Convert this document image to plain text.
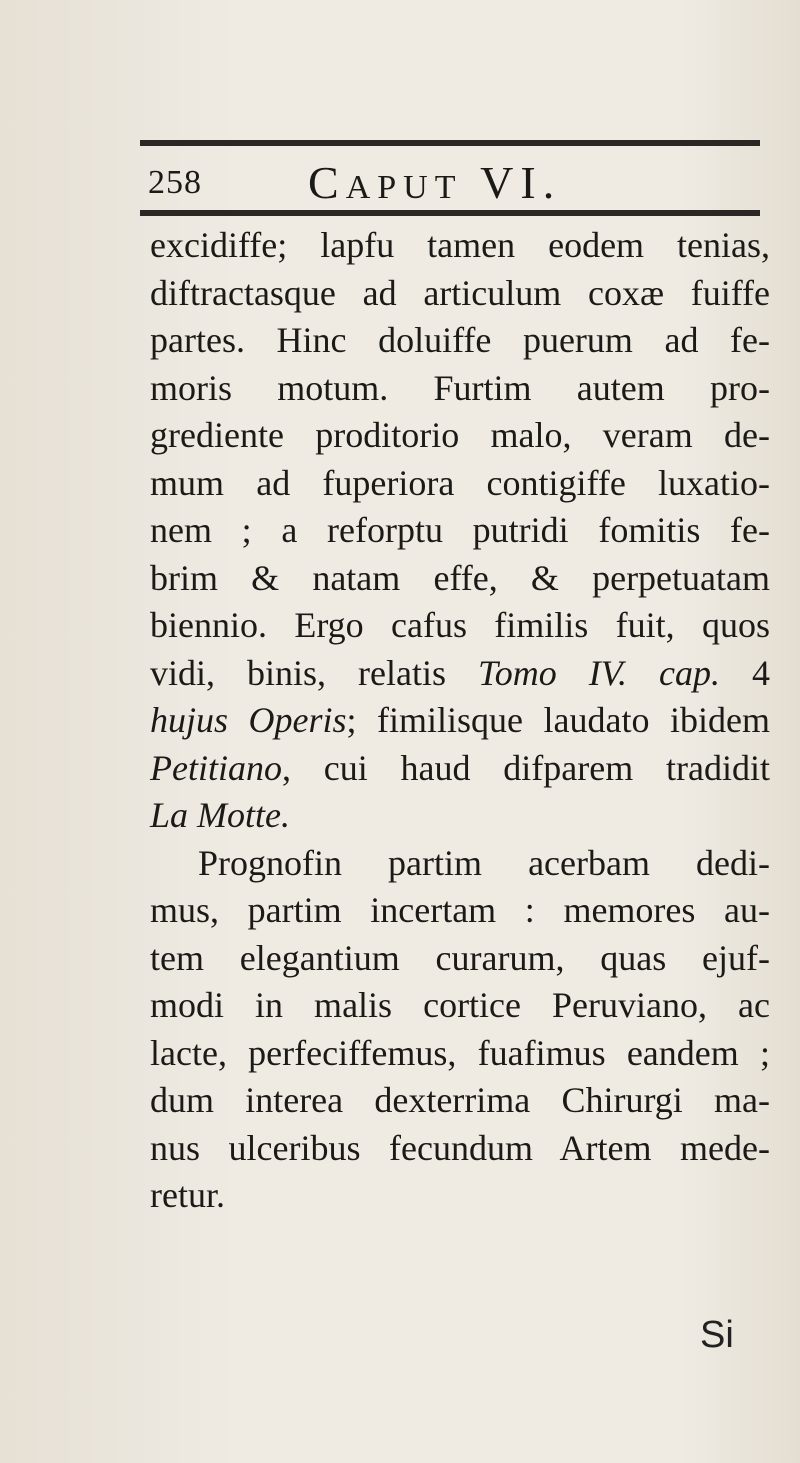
258 CAPUT VI.
excidiffe; lapfu tamen eodem tenias,
diftractasque ad articulum coxæ fuiffe
partes. Hinc doluiffe puerum ad fe-
moris motum. Furtim autem pro-
grediente proditorio malo, veram de-
mum ad fuperiora contigiffe luxatio-
nem ; a reforptu putridi fomitis fe-
brim & natam effe, & perpetuatam
biennio. Ergo cafus fimilis fuit, quos
vidi, binis, relatis Tomo IV. cap. 4
hujus Operis; fimilisque laudato ibidem
Petitiano, cui haud difparem tradidit
La Motte.
Prognofin partim acerbam dedi-
mus, partim incertam : memores au-
tem elegantium curarum, quas ejuf-
modi in malis cortice Peruviano, ac
lacte, perfeciffemus, fuafimus eandem ;
dum interea dexterrima Chirurgi ma-
nus ulceribus fecundum Artem mede-
retur.
Si
